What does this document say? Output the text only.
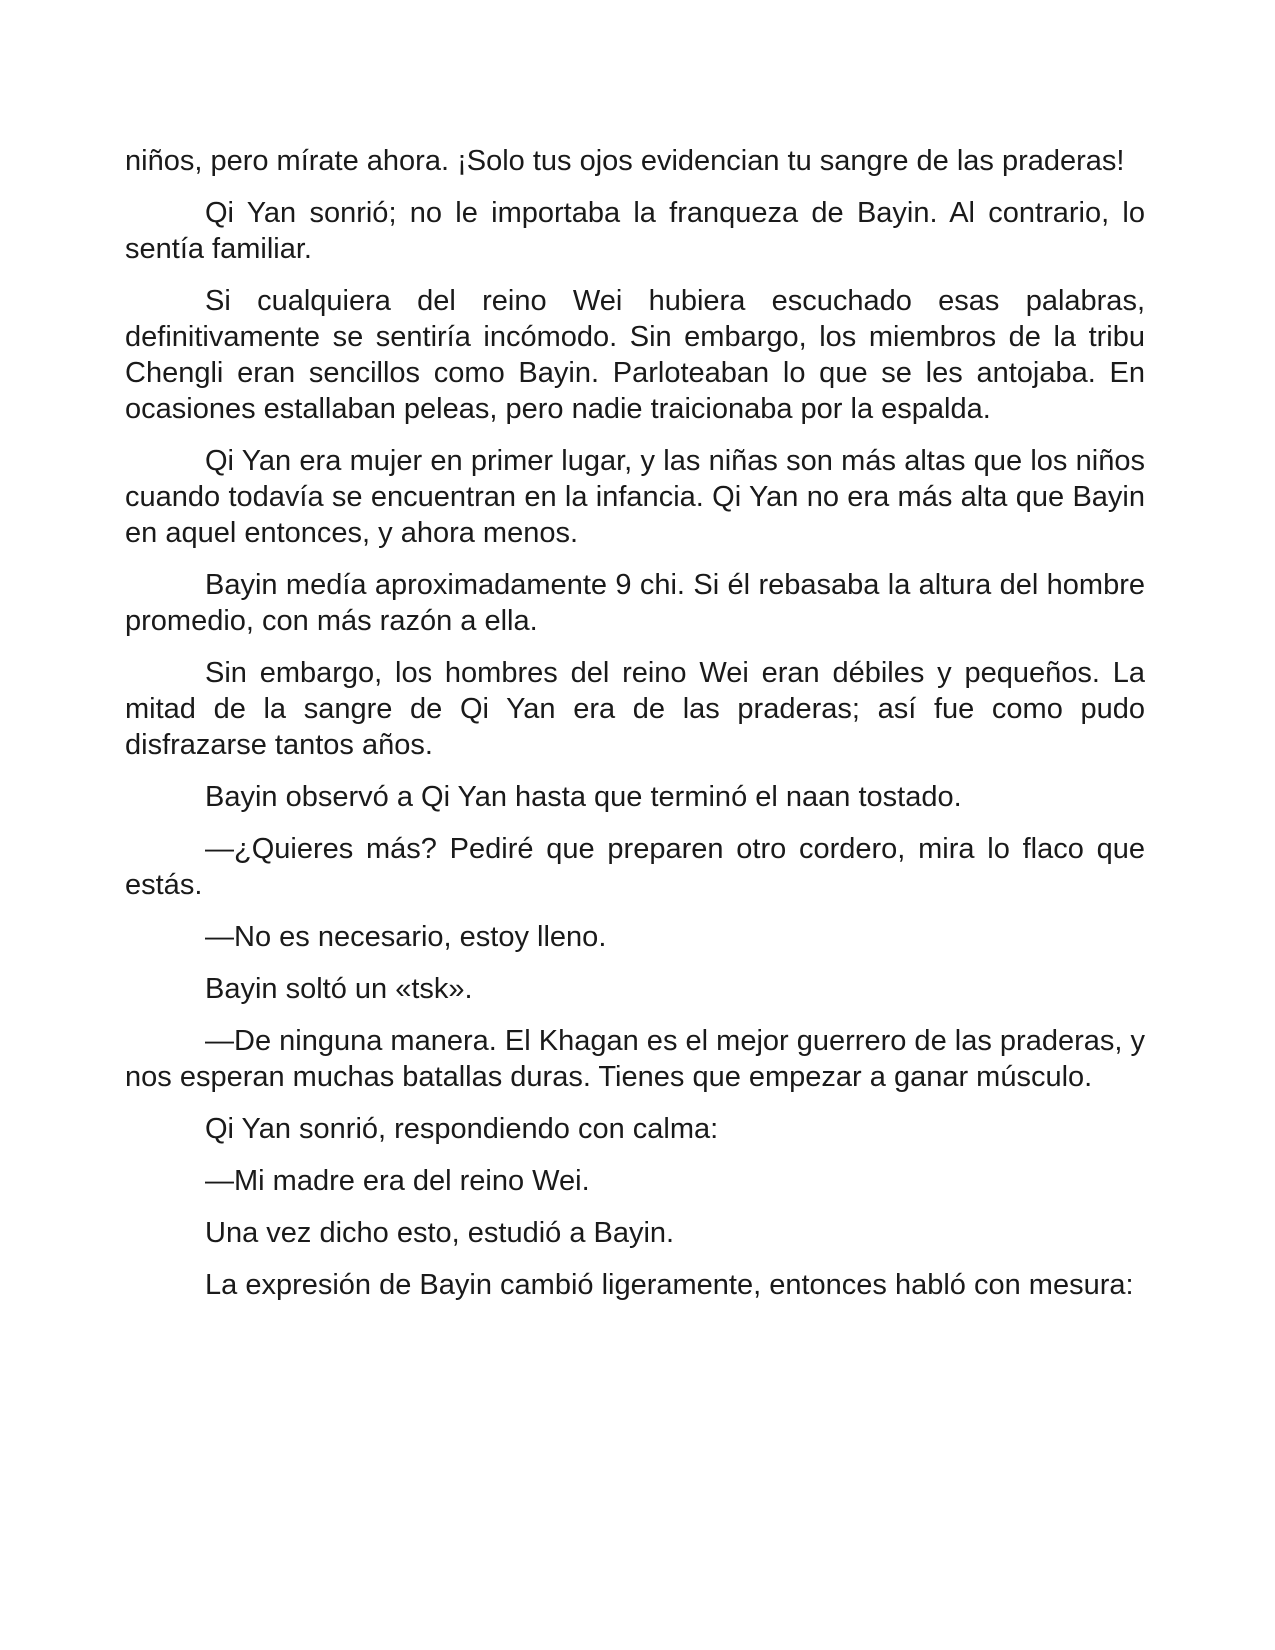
niños, pero mírate ahora. ¡Solo tus ojos evidencian tu sangre de las praderas!

Qi Yan sonrió; no le importaba la franqueza de Bayin. Al contrario, lo sentía familiar.

Si cualquiera del reino Wei hubiera escuchado esas palabras, definitivamente se sentiría incómodo. Sin embargo, los miembros de la tribu Chengli eran sencillos como Bayin. Parloteaban lo que se les antojaba. En ocasiones estallaban peleas, pero nadie traicionaba por la espalda.

Qi Yan era mujer en primer lugar, y las niñas son más altas que los niños cuando todavía se encuentran en la infancia. Qi Yan no era más alta que Bayin en aquel entonces, y ahora menos.

Bayin medía aproximadamente 9 chi. Si él rebasaba la altura del hombre promedio, con más razón a ella.

Sin embargo, los hombres del reino Wei eran débiles y pequeños. La mitad de la sangre de Qi Yan era de las praderas; así fue como pudo disfrazarse tantos años.

Bayin observó a Qi Yan hasta que terminó el naan tostado.

—¿Quieres más? Pediré que preparen otro cordero, mira lo flaco que estás.

—No es necesario, estoy lleno.

Bayin soltó un «tsk».

—De ninguna manera. El Khagan es el mejor guerrero de las praderas, y nos esperan muchas batallas duras. Tienes que empezar a ganar músculo.

Qi Yan sonrió, respondiendo con calma:

—Mi madre era del reino Wei.

Una vez dicho esto, estudió a Bayin.

La expresión de Bayin cambió ligeramente, entonces habló con mesura:
